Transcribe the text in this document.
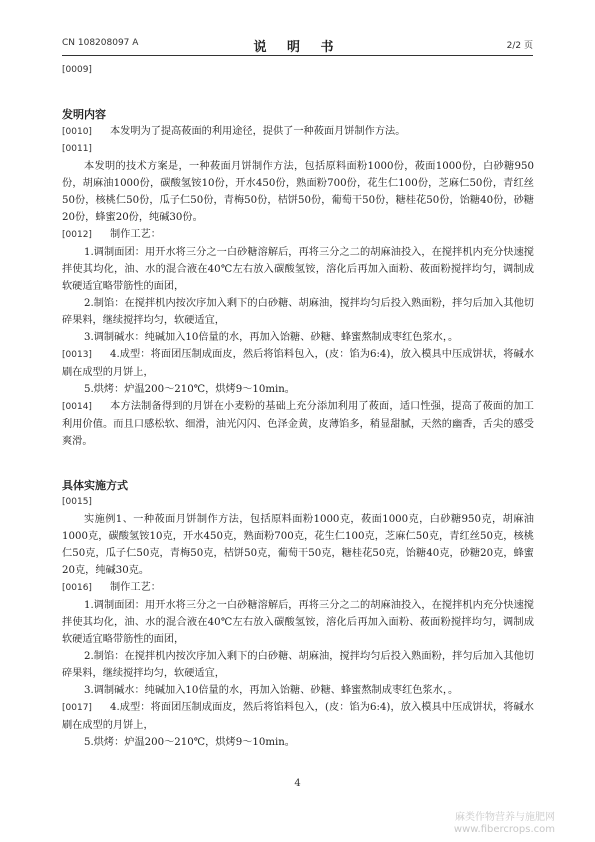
CN 108208097 A	说 明 书	2/2 页
[0009]
发明内容

[0010] 本发明为了提高莜面的利用途径，提供了一种莜面月饼制作方法。

[0011]

本发明的技术方案是，一种莜面月饼制作方法，包括原料面粉1000份，莜面1000份，白砂糖950份，胡麻油1000份，碳酸氢铵10份，开水450份，熟面粉700份，花生仁100份，芝麻仁50份，青红丝50份，核桃仁50份，瓜子仁50份，青梅50份，桔饼50份，葡萄干50份，糖桂花50份，饴糖40份，砂糖20份，蜂蜜20份，纯碱30份。

[0012] 制作工艺：

1.调制面团：用开水将三分之一白砂糖溶解后，再将三分之二的胡麻油投入，在搅拌机内充分快速搅拌使其均化，油、水的混合液在40℃左右放入碳酸氢铵，溶化后再加入面粉、莜面粉搅拌均匀，调制成软硬适宜略带筋性的面团，

2.制馅：在搅拌机内按次序加入剩下的白砂糖、胡麻油，搅拌均匀后投入熟面粉，拌匀后加入其他切碎果料，继续搅拌均匀，软硬适宜，

3.调制碱水：纯碱加入10倍量的水，再加入饴糖、砂糖、蜂蜜熬制成枣红色浆水，。

[0013] 4.成型：将面团压制成面皮，然后将馅料包入，(皮：馅为6:4)，放入模具中压成饼状，将碱水刷在成型的月饼上，

5.烘烤：炉温200～210℃，烘烤9～10min。

[0014] 本方法制备得到的月饼在小麦粉的基础上充分添加利用了莜面，适口性强，提高了莜面的加工利用价值。而且口感松软、细滑，油光闪闪、色泽金黄，皮薄馅多，稍显甜腻，天然的幽香，舌尖的感受爽滑。

具体实施方式
[0015]

实施例1、一种莜面月饼制作方法，包括原料面粉1000克，莜面1000克，白砂糖950克，胡麻油1000克，碳酸氢铵10克，开水450克，熟面粉700克，花生仁100克，芝麻仁50克，青红丝50克，核桃仁50克，瓜子仁50克，青梅50克，桔饼50克，葡萄干50克，糖桂花50克，饴糖40克，砂糖20克，蜂蜜20克，纯碱30克。

[0016] 制作工艺：

1.调制面团：用开水将三分之一白砂糖溶解后，再将三分之二的胡麻油投入，在搅拌机内充分快速搅拌使其均化，油、水的混合液在40℃左右放入碳酸氢铵，溶化后再加入面粉、莜面粉搅拌均匀，调制成软硬适宜略带筋性的面团，

2.制馅：在搅拌机内按次序加入剩下的白砂糖、胡麻油，搅拌均匀后投入熟面粉，拌匀后加入其他切碎果料，继续搅拌均匀，软硬适宜，

3.调制碱水：纯碱加入10倍量的水，再加入饴糖、砂糖、蜂蜜熬制成枣红色浆水，。

[0017] 4.成型：将面团压制成面皮，然后将馅料包入，(皮：馅为6:4)，放入模具中压成饼状，将碱水刷在成型的月饼上，

5.烘烤：炉温200～210℃，烘烤9～10min。

4
麻类作物营养与施肥网
www.fibercrops.com
